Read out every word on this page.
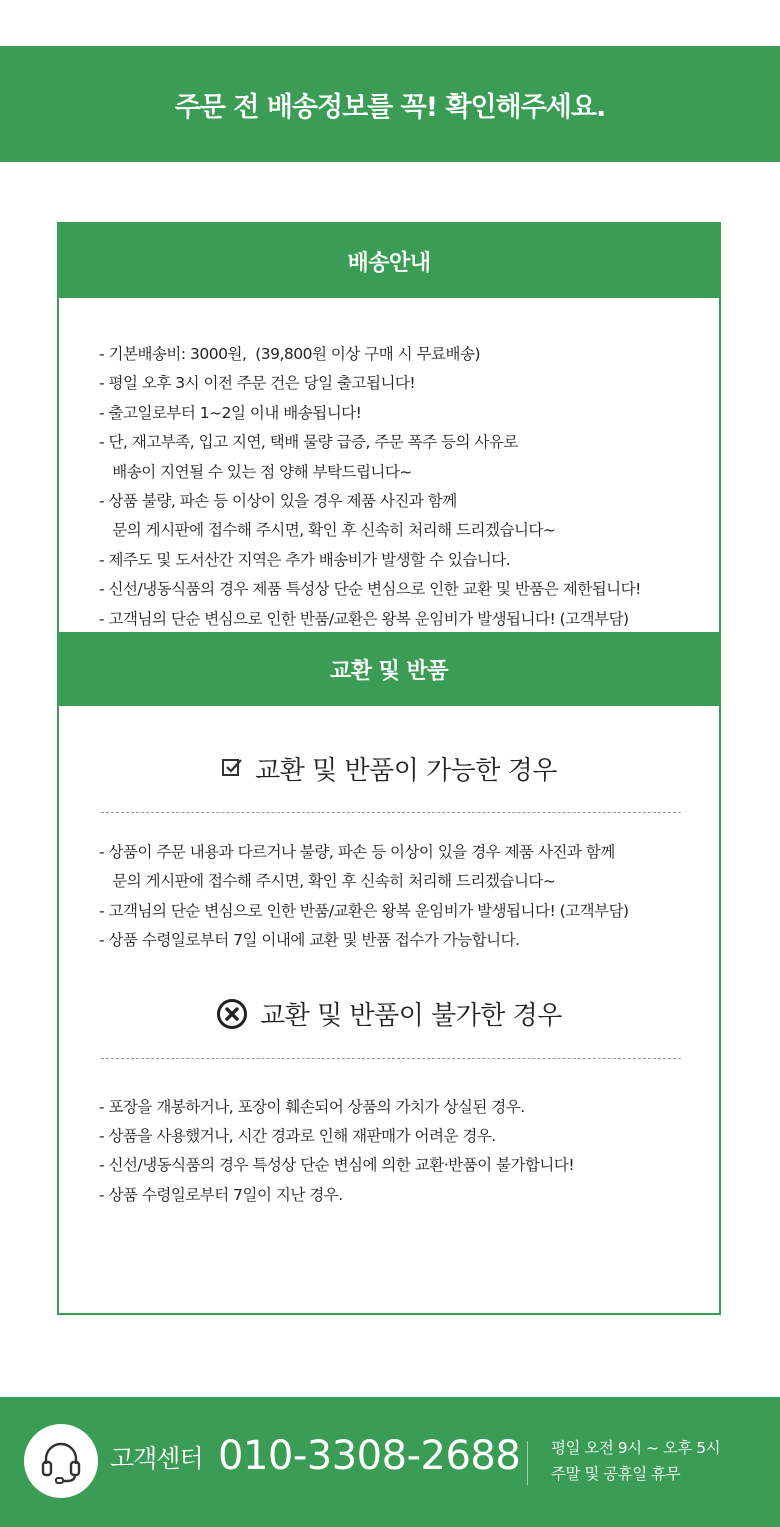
주문 전 배송정보를 꼭! 확인해주세요.
배송안내
- 기본배송비: 3000원,  (39,800원 이상 구매 시 무료배송)
- 평일 오후 3시 이전 주문 건은 당일 출고됩니다!
- 출고일로부터 1~2일 이내 배송됩니다!
- 단, 재고부족, 입고 지연, 택배 물량 급증, 주문 폭주 등의 사유로
배송이 지연될 수 있는 점 양해 부탁드립니다~
- 상품 불량, 파손 등 이상이 있을 경우 제품 사진과 함께
문의 게시판에 접수해 주시면, 확인 후 신속히 처리해 드리겠습니다~
- 제주도 및 도서산간 지역은 추가 배송비가 발생할 수 있습니다.
- 신선/냉동식품의 경우 제품 특성상 단순 변심으로 인한 교환 및 반품은 제한됩니다!
- 고객님의 단순 변심으로 인한 반품/교환은 왕복 운임비가 발생됩니다! (고객부담)
교환 및 반품
교환 및 반품이 가능한 경우
- 상품이 주문 내용과 다르거나 불량, 파손 등 이상이 있을 경우 제품 사진과 함께
문의 게시판에 접수해 주시면, 확인 후 신속히 처리해 드리겠습니다~
- 고객님의 단순 변심으로 인한 반품/교환은 왕복 운임비가 발생됩니다! (고객부담)
- 상품 수령일로부터 7일 이내에 교환 및 반품 접수가 가능합니다.
교환 및 반품이 불가한 경우
- 포장을 개봉하거나, 포장이 훼손되어 상품의 가치가 상실된 경우.
- 상품을 사용했거나, 시간 경과로 인해 재판매가 어려운 경우.
- 신선/냉동식품의 경우 특성상 단순 변심에 의한 교환·반품이 불가합니다!
- 상품 수령일로부터 7일이 지난 경우.
고객센터 010-3308-2688 평일 오전 9시 ~ 오후 5시
주말 및 공휴일 휴무
